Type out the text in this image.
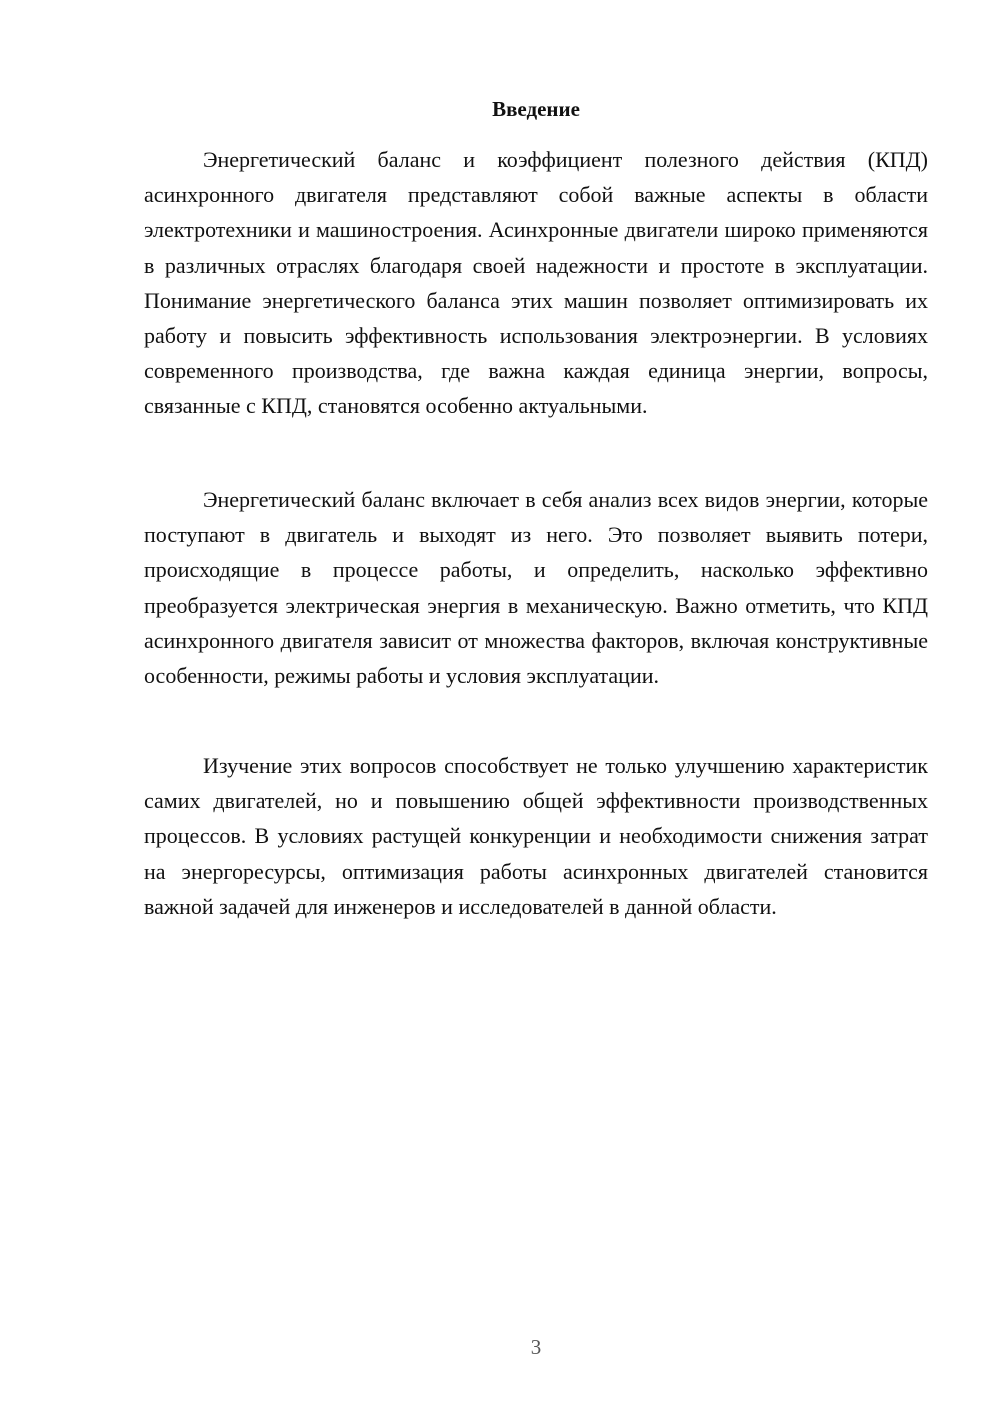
Введение

Энергетический баланс и коэффициент полезного действия (КПД) асинхронного двигателя представляют собой важные аспекты в области электротехники и машиностроения. Асинхронные двигатели широко применяются в различных отраслях благодаря своей надежности и простоте в эксплуатации. Понимание энергетического баланса этих машин позволяет оптимизировать их работу и повысить эффективность использования электроэнергии. В условиях современного производства, где важна каждая единица энергии, вопросы, связанные с КПД, становятся особенно актуальными.

Энергетический баланс включает в себя анализ всех видов энергии, которые поступают в двигатель и выходят из него. Это позволяет выявить потери, происходящие в процессе работы, и определить, насколько эффективно преобразуется электрическая энергия в механическую. Важно отметить, что КПД асинхронного двигателя зависит от множества факторов, включая конструктивные особенности, режимы работы и условия эксплуатации.

Изучение этих вопросов способствует не только улучшению характеристик самих двигателей, но и повышению общей эффективности производственных процессов. В условиях растущей конкуренции и необходимости снижения затрат на энергоресурсы, оптимизация работы асинхронных двигателей становится важной задачей для инженеров и исследователей в данной области.

3
